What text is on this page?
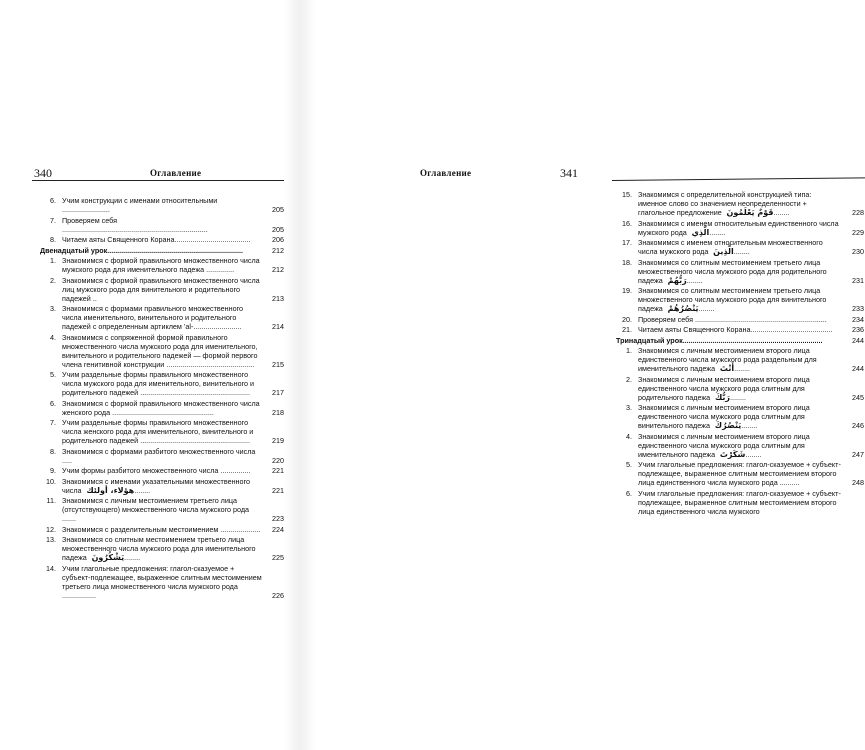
340	Оглавление
6. Учим конструкции с именами относительными ........................	205
7. Проверяем себя .........................................................................	205
8. Читаем аяты Священного Корана......................................	206
Двенадцатый урок....................................................................	212
1. Знакомимся с формой правильного множественного числа мужского рода для именительного падежа ..............	212
2. Знакомимся с формой правильного множественного числа лиц мужского рода для винительного и родительного падежей ..	213
3. Знакомимся с формами правильного множественного числа именительного, винительного и родительного падежей с определенным артиклем ’al-........................	214
4. Знакомимся с сопряженной формой правильного множественного числа мужского рода для именительного, винительного и родительного падежей — формой первого члена генитивной конструкции ............................................ 215
5. Учим раздельные формы правильного множественного числа мужского рода для именительного, винительного и родительного падежей .......................................................	217
6. Знакомимся с формой правильного множественного числа женского рода ...................................................	218
7. Учим раздельные формы правильного множественного числа женского рода для именительного, винительного и родительного падежей .......................................................	219
8. Знакомимся с формами разбитого множественного числа .....	220
9. Учим формы разбитого множественного числа ...............	221
10. Знакомимся с именами указательными множественного числа هؤلاء، أولئك ........	221
11. Знакомимся с личным местоимением третьего лица (отсутствующего) множественного числа мужского рода .......	223
12. Знакомимся с разделительным местоимением .................... 224
13. Знакомимся со слитным местоимением третьего лица множественного числа мужского рода для именительного падежа يَشْكُرُونَ ........	225
14. Учим глагольные предложения: глагол-сказуемое + субъект-подлежащее, выраженное слитным местоимением третьего лица множественного числа мужского рода .................	226
341
Оглавление
15. Знакомимся с определительной конструкцией типа: именное слово со значением неопределенности + глагольное предложение قَوْمٌ يَعْلَمُونَ ........	228
16. Знакомимся с именем относительным единственного числа мужского рода الَّذِي ........	229
17. Знакомимся с именем относительным множественного числа мужского рода الَّذِينَ ........	230
18. Знакомимся со слитным местоимением третьего лица множественного числа мужского рода для родительного падежа رَبُّهُمْ ........	231
19. Знакомимся со слитным местоимением третьего лица множественного числа мужского рода для винительного падежа يَنْصُرُهُمْ ........	233
20. Проверяем себя ..................................................................	234
21. Читаем аяты Священного Корана.........................................	236
Тринадцатый урок......................................................................	244
1. Знакомимся с личным местоимением второго лица единственного числа мужского рода раздельным для именительного падежа أَنْتَ ........	244
2. Знакомимся с личным местоимением второго лица единственного числа мужского рода слитным для родительного падежа رَبُّكَ ........	245
3. Знакомимся с личным местоимением второго лица единственного числа мужского рода слитным для винительного падежа يَنْصُرُكَ ........	246
4. Знакомимся с личным местоимением второго лица единственного числа мужского рода слитным для именительного падежа شَكَرْتَ ........	247
5. Учим глагольные предложения: глагол-сказуемое + субъект-подлежащее, выраженное слитным местоимением второго лица единственного числа мужского рода ..........	248
6. Учим глагольные предложения: глагол-сказуемое + субъект-подлежащее, выраженное слитным местоимением второго лица единственного числа мужского
